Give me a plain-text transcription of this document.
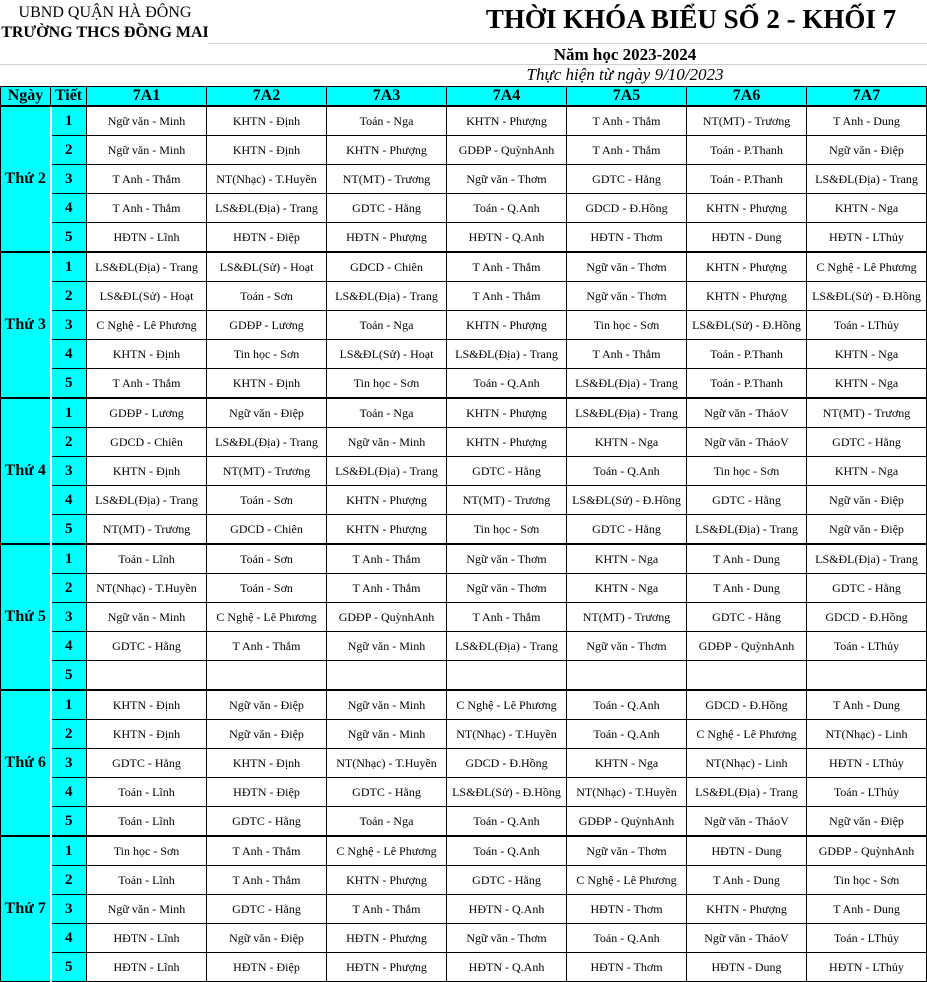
UBND QUẬN HÀ ĐÔNG
TRƯỜNG THCS ĐỒNG MAI	THỜI KHÓA BIỂU SỐ 2 - KHỐI 7
Năm học 2023-2024
Thực hiện từ ngày 9/10/2023
Ngày	Tiết	7A1	7A2	7A3	7A4	7A5	7A6	7A7
Thứ 2	1	Ngữ văn - Minh	KHTN - Định	Toán - Nga	KHTN - Phượng	T Anh - Thắm	NT(MT) - Trương	T Anh - Dung
	2	Ngữ văn - Minh	KHTN - Định	KHTN - Phượng	GDĐP - QuỳnhAnh	T Anh - Thắm	Toán - P.Thanh	Ngữ văn - Điệp
	3	T Anh - Thắm	NT(Nhạc) - T.Huyền	NT(MT) - Trương	Ngữ văn - Thơm	GDTC - Hằng	Toán - P.Thanh	LS&ĐL(Địa) - Trang
	4	T Anh - Thắm	LS&ĐL(Địa) - Trang	GDTC - Hằng	Toán - Q.Anh	GDCD - Đ.Hồng	KHTN - Phượng	KHTN - Nga
	5	HĐTN - Lĩnh	HĐTN - Điệp	HĐTN - Phượng	HĐTN - Q.Anh	HĐTN - Thơm	HĐTN - Dung	HĐTN - LThủy
Thứ 3	1	LS&ĐL(Địa) - Trang	LS&ĐL(Sử) - Hoạt	GDCD - Chiên	T Anh - Thắm	Ngữ văn - Thơm	KHTN - Phượng	C Nghệ - Lê Phương
	2	LS&ĐL(Sử) - Hoạt	Toán - Sơn	LS&ĐL(Địa) - Trang	T Anh - Thắm	Ngữ văn - Thơm	KHTN - Phượng	LS&ĐL(Sử) - Đ.Hồng
	3	C Nghệ - Lê Phương	GDĐP - Lương	Toán - Nga	KHTN - Phượng	Tin học - Sơn	LS&ĐL(Sử) - Đ.Hồng	Toán - LThủy
	4	KHTN - Định	Tin học - Sơn	LS&ĐL(Sử) - Hoạt	LS&ĐL(Địa) - Trang	T Anh - Thắm	Toán - P.Thanh	KHTN - Nga
	5	T Anh - Thắm	KHTN - Định	Tin học - Sơn	Toán - Q.Anh	LS&ĐL(Địa) - Trang	Toán - P.Thanh	KHTN - Nga
Thứ 4	1	GDĐP - Lương	Ngữ văn - Điệp	Toán - Nga	KHTN - Phượng	LS&ĐL(Địa) - Trang	Ngữ văn - ThảoV	NT(MT) - Trương
	2	GDCD - Chiên	LS&ĐL(Địa) - Trang	Ngữ văn - Minh	KHTN - Phượng	KHTN - Nga	Ngữ văn - ThảoV	GDTC - Hằng
	3	KHTN - Định	NT(MT) - Trương	LS&ĐL(Địa) - Trang	GDTC - Hằng	Toán - Q.Anh	Tin học - Sơn	KHTN - Nga
	4	LS&ĐL(Địa) - Trang	Toán - Sơn	KHTN - Phượng	NT(MT) - Trương	LS&ĐL(Sử) - Đ.Hồng	GDTC - Hằng	Ngữ văn - Điệp
	5	NT(MT) - Trương	GDCD - Chiên	KHTN - Phượng	Tin học - Sơn	GDTC - Hằng	LS&ĐL(Địa) - Trang	Ngữ văn - Điệp
Thứ 5	1	Toán - Lĩnh	Toán - Sơn	T Anh - Thắm	Ngữ văn - Thơm	KHTN - Nga	T Anh - Dung	LS&ĐL(Địa) - Trang
	2	NT(Nhạc) - T.Huyền	Toán - Sơn	T Anh - Thắm	Ngữ văn - Thơm	KHTN - Nga	T Anh - Dung	GDTC - Hằng
	3	Ngữ văn - Minh	C Nghệ - Lê Phương	GDĐP - QuỳnhAnh	T Anh - Thắm	NT(MT) - Trương	GDTC - Hằng	GDCD - Đ.Hồng
	4	GDTC - Hằng	T Anh - Thắm	Ngữ văn - Minh	LS&ĐL(Địa) - Trang	Ngữ văn - Thơm	GDĐP - QuỳnhAnh	Toán - LThủy
	5							
Thứ 6	1	KHTN - Định	Ngữ văn - Điệp	Ngữ văn - Minh	C Nghệ - Lê Phương	Toán - Q.Anh	GDCD - Đ.Hồng	T Anh - Dung
	2	KHTN - Định	Ngữ văn - Điệp	Ngữ văn - Minh	NT(Nhạc) - T.Huyền	Toán - Q.Anh	C Nghệ - Lê Phương	NT(Nhạc) - Linh
	3	GDTC - Hằng	KHTN - Định	NT(Nhạc) - T.Huyền	GDCD - Đ.Hồng	KHTN - Nga	NT(Nhạc) - Linh	HĐTN - LThủy
	4	Toán - Lĩnh	HĐTN - Điệp	GDTC - Hằng	LS&ĐL(Sử) - Đ.Hồng	NT(Nhạc) - T.Huyền	LS&ĐL(Địa) - Trang	Toán - LThủy
	5	Toán - Lĩnh	GDTC - Hằng	Toán - Nga	Toán - Q.Anh	GDĐP - QuỳnhAnh	Ngữ văn - ThảoV	Ngữ văn - Điệp
Thứ 7	1	Tin học - Sơn	T Anh - Thắm	C Nghệ - Lê Phương	Toán - Q.Anh	Ngữ văn - Thơm	HĐTN - Dung	GDĐP - QuỳnhAnh
	2	Toán - Lĩnh	T Anh - Thắm	KHTN - Phượng	GDTC - Hằng	C Nghệ - Lê Phương	T Anh - Dung	Tin học - Sơn
	3	Ngữ văn - Minh	GDTC - Hằng	T Anh - Thắm	HĐTN - Q.Anh	HĐTN - Thơm	KHTN - Phượng	T Anh - Dung
	4	HĐTN - Lĩnh	Ngữ văn - Điệp	HĐTN - Phượng	Ngữ văn - Thơm	Toán - Q.Anh	Ngữ văn - ThảoV	Toán - LThủy
	5	HĐTN - Lĩnh	HĐTN - Điệp	HĐTN - Phượng	HĐTN - Q.Anh	HĐTN - Thơm	HĐTN - Dung	HĐTN - LThủy
